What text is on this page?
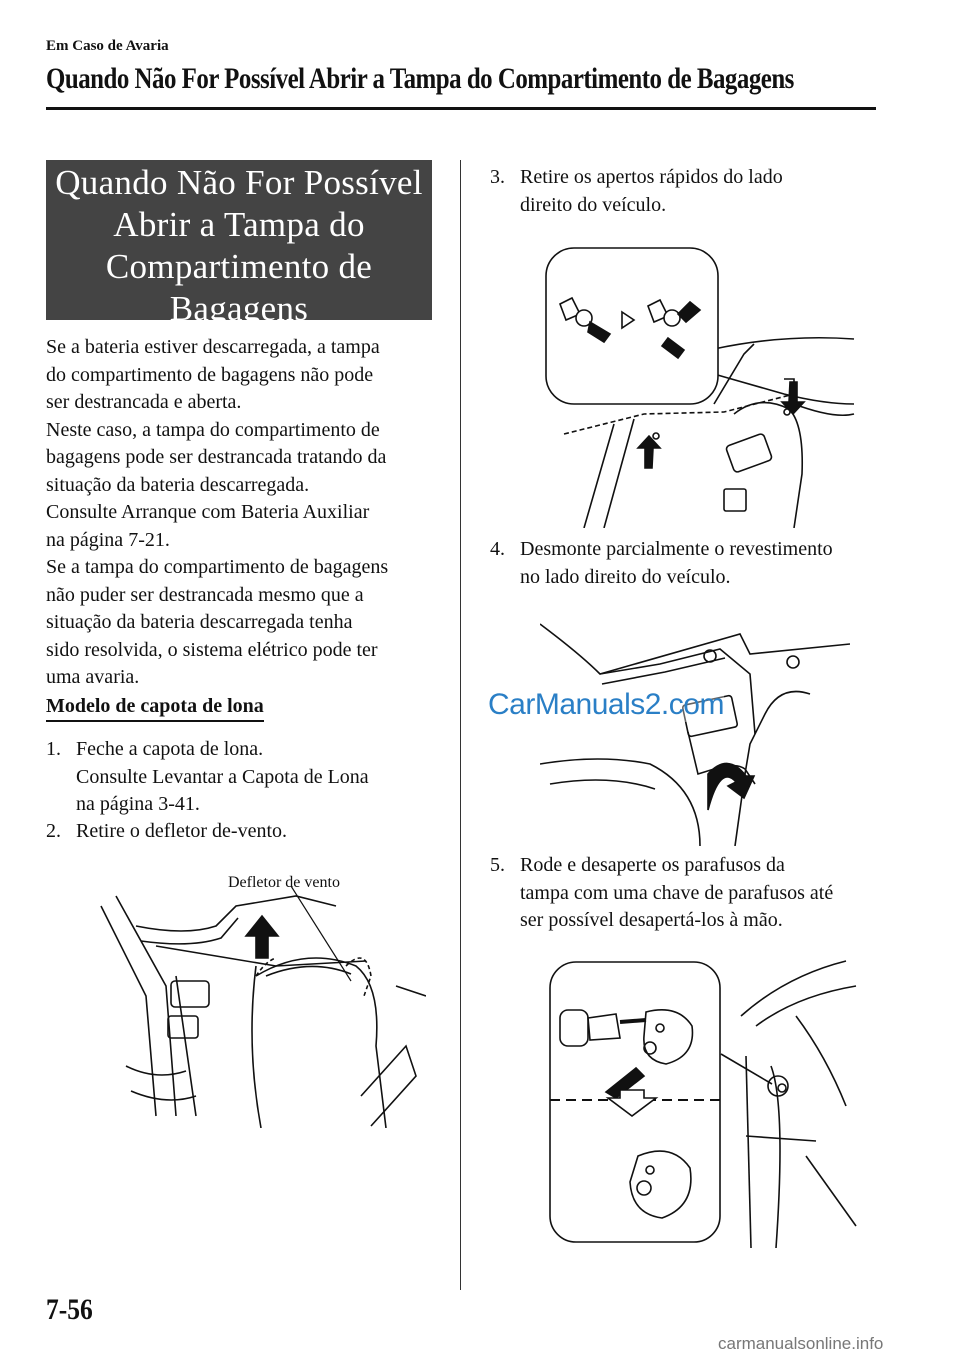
Em Caso de Avaria
Quando Não For Possível Abrir a Tampa do Compartimento de Bagagens
Quando Não For Possível
Abrir a Tampa do
Compartimento de
Bagagens
Se a bateria estiver descarregada, a tampa
do compartimento de bagagens não pode
ser destrancada e aberta.
Neste caso, a tampa do compartimento de
bagagens pode ser destrancada tratando da
situação da bateria descarregada.
Consulte Arranque com Bateria Auxiliar
na página 7-21.
Se a tampa do compartimento de bagagens
não puder ser destrancada mesmo que a
situação da bateria descarregada tenha
sido resolvida, o sistema elétrico pode ter
uma avaria.
Modelo de capota de lona
1. Feche a capota de lona.
Consulte Levantar a Capota de Lona
na página 3-41.
2. Retire o defletor de-vento.
Defletor de vento
3. Retire os apertos rápidos do lado
direito do veículo.
4. Desmonte parcialmente o revestimento
no lado direito do veículo.
CarManuals2.com
5. Rode e desaperte os parafusos da
tampa com uma chave de parafusos até
ser possível desapertá-los à mão.
7-56
carmanualsonline.info
